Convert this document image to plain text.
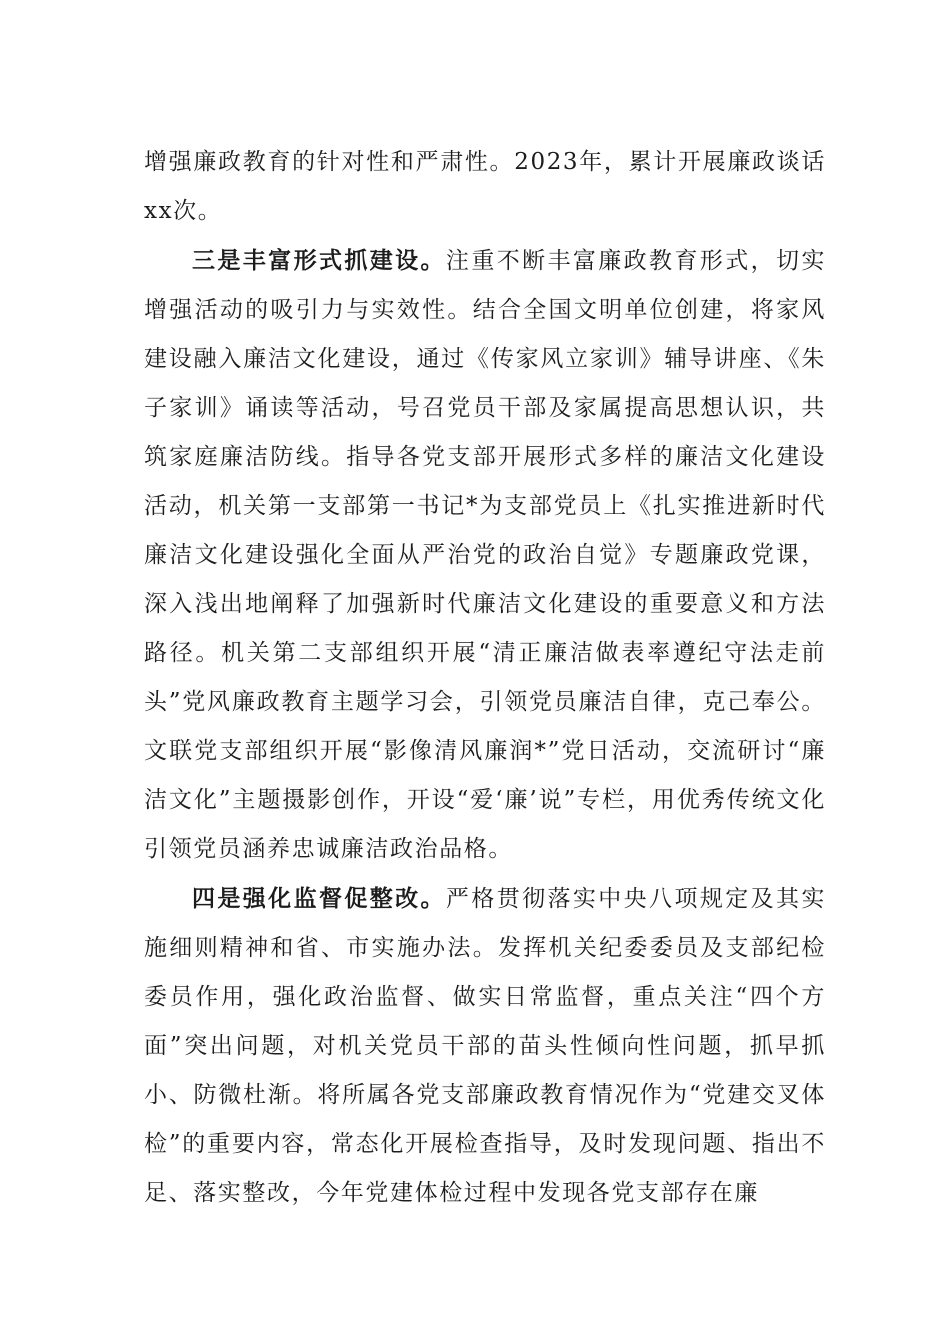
增强廉政教育的针对性和严肃性。2023年，累计开展廉政谈话xx次。

三是丰富形式抓建设。注重不断丰富廉政教育形式，切实增强活动的吸引力与实效性。结合全国文明单位创建，将家风建设融入廉洁文化建设，通过《传家风立家训》辅导讲座、《朱子家训》诵读等活动，号召党员干部及家属提高思想认识，共筑家庭廉洁防线。指导各党支部开展形式多样的廉洁文化建设活动，机关第一支部第一书记*为支部党员上《扎实推进新时代廉洁文化建设强化全面从严治党的政治自觉》专题廉政党课，深入浅出地阐释了加强新时代廉洁文化建设的重要意义和方法路径。机关第二支部组织开展“清正廉洁做表率遵纪守法走前头”党风廉政教育主题学习会，引领党员廉洁自律，克己奉公。文联党支部组织开展“影像清风廉润*”党日活动，交流研讨“廉洁文化”主题摄影创作，开设“爱‘廉’说”专栏，用优秀传统文化引领党员涵养忠诚廉洁政治品格。

四是强化监督促整改。严格贯彻落实中央八项规定及其实施细则精神和省、市实施办法。发挥机关纪委委员及支部纪检委员作用，强化政治监督、做实日常监督，重点关注“四个方面”突出问题，对机关党员干部的苗头性倾向性问题，抓早抓小、防微杜渐。将所属各党支部廉政教育情况作为“党建交叉体检”的重要内容，常态化开展检查指导，及时发现问题、指出不足、落实整改，今年党建体检过程中发现各党支部存在廉
